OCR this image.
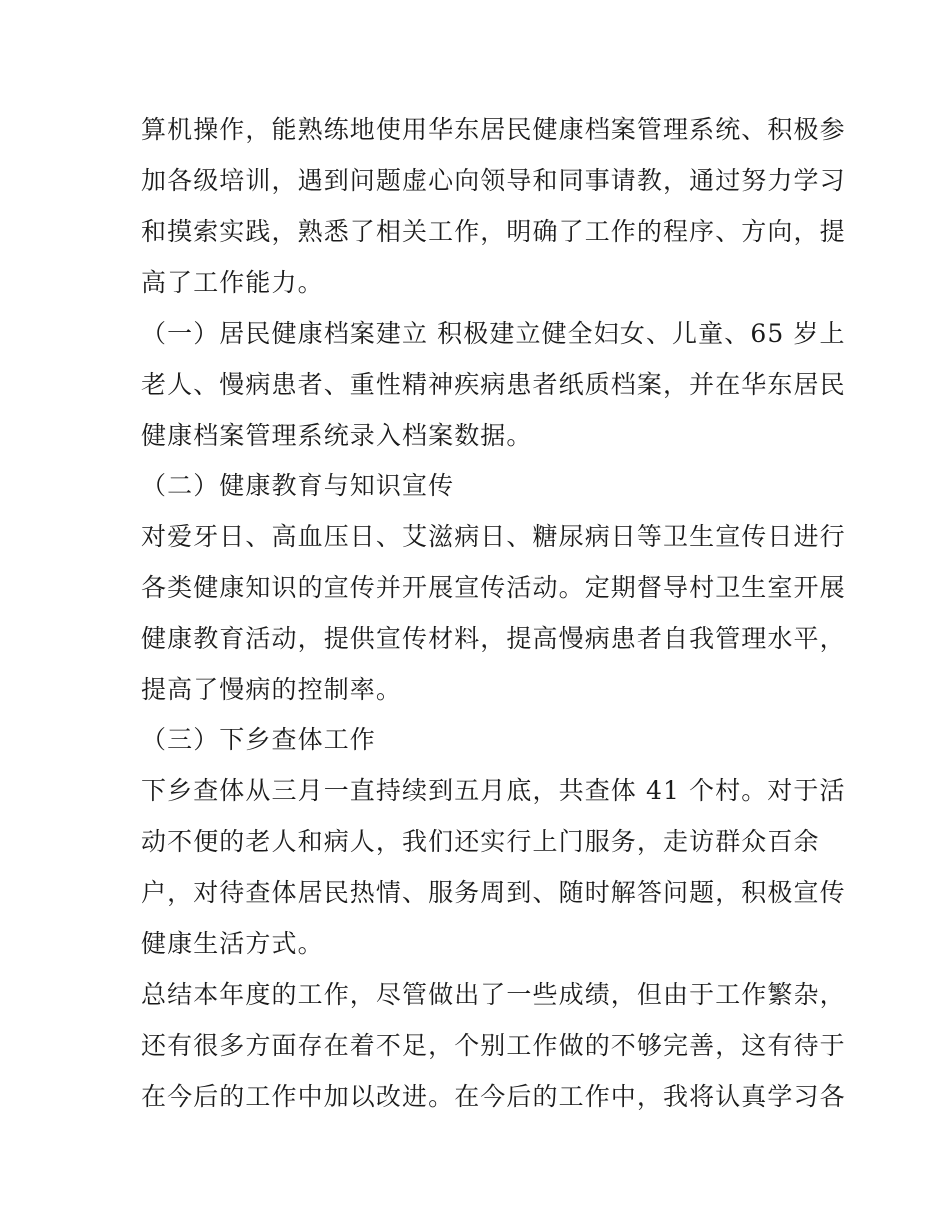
算机操作，能熟练地使用华东居民健康档案管理系统、积极参
加各级培训，遇到问题虚心向领导和同事请教，通过努力学习
和摸索实践，熟悉了相关工作，明确了工作的程序、方向，提
高了工作能力。
（一）居民健康档案建立 积极建立健全妇女、儿童、65 岁上
老人、慢病患者、重性精神疾病患者纸质档案，并在华东居民
健康档案管理系统录入档案数据。
（二）健康教育与知识宣传
对爱牙日、高血压日、艾滋病日、糖尿病日等卫生宣传日进行
各类健康知识的宣传并开展宣传活动。定期督导村卫生室开展
健康教育活动，提供宣传材料，提高慢病患者自我管理水平，
提高了慢病的控制率。
（三）下乡查体工作
下乡查体从三月一直持续到五月底，共查体 41 个村。对于活
动不便的老人和病人，我们还实行上门服务，走访群众百余
户，对待查体居民热情、服务周到、随时解答问题，积极宣传
健康生活方式。
总结本年度的工作，尽管做出了一些成绩，但由于工作繁杂，
还有很多方面存在着不足，个别工作做的不够完善，这有待于
在今后的工作中加以改进。在今后的工作中，我将认真学习各
